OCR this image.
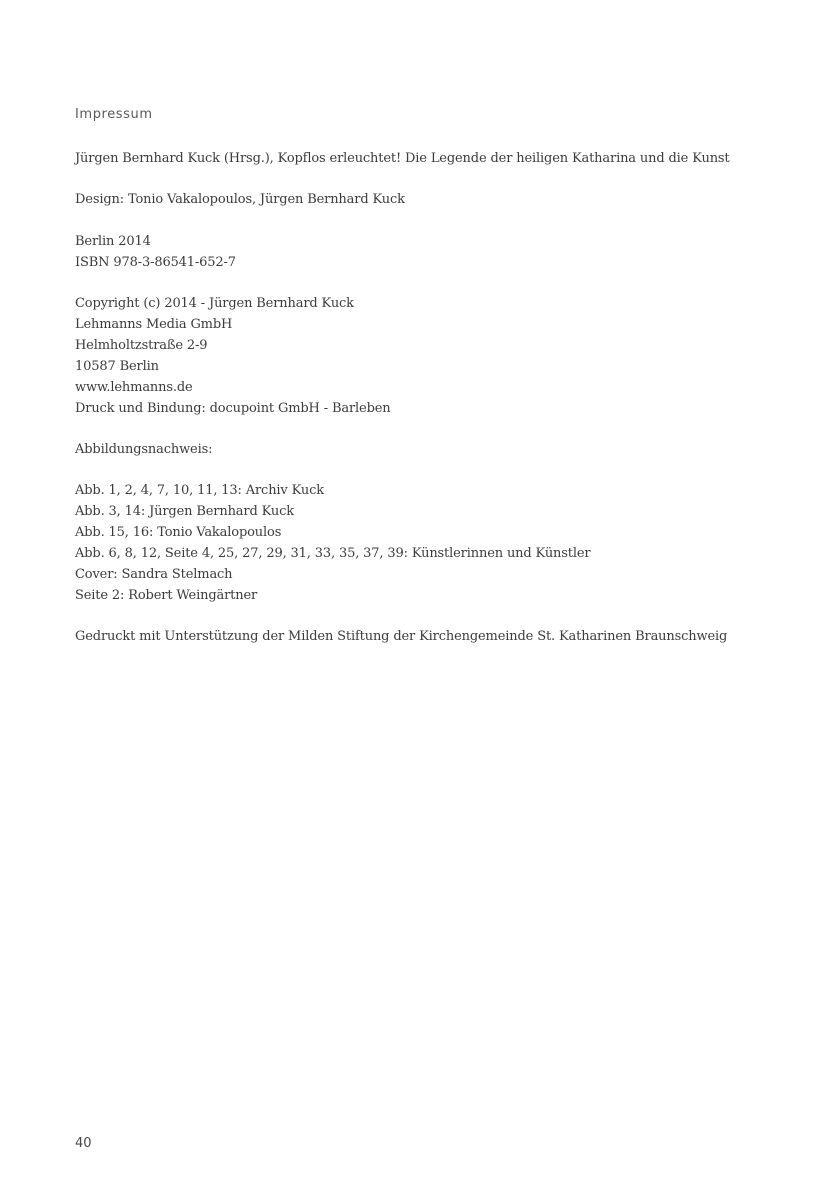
Impressum
Jürgen Bernhard Kuck (Hrsg.), Kopflos erleuchtet! Die Legende der heiligen Katharina und die Kunst
Design: Tonio Vakalopoulos, Jürgen Bernhard Kuck
Berlin 2014
ISBN 978-3-86541-652-7
Copyright (c) 2014 - Jürgen Bernhard Kuck
Lehmanns Media GmbH
Helmholtzstraße 2-9
10587 Berlin
www.lehmanns.de
Druck und Bindung: docupoint GmbH - Barleben
Abbildungsnachweis:
Abb. 1, 2, 4, 7, 10, 11, 13: Archiv Kuck
Abb. 3, 14: Jürgen Bernhard Kuck
Abb. 15, 16: Tonio Vakalopoulos
Abb. 6, 8, 12, Seite 4, 25, 27, 29, 31, 33, 35, 37, 39: Künstlerinnen und Künstler
Cover: Sandra Stelmach
Seite 2: Robert Weingärtner
Gedruckt mit Unterstützung der Milden Stiftung der Kirchengemeinde St. Katharinen Braunschweig
40
